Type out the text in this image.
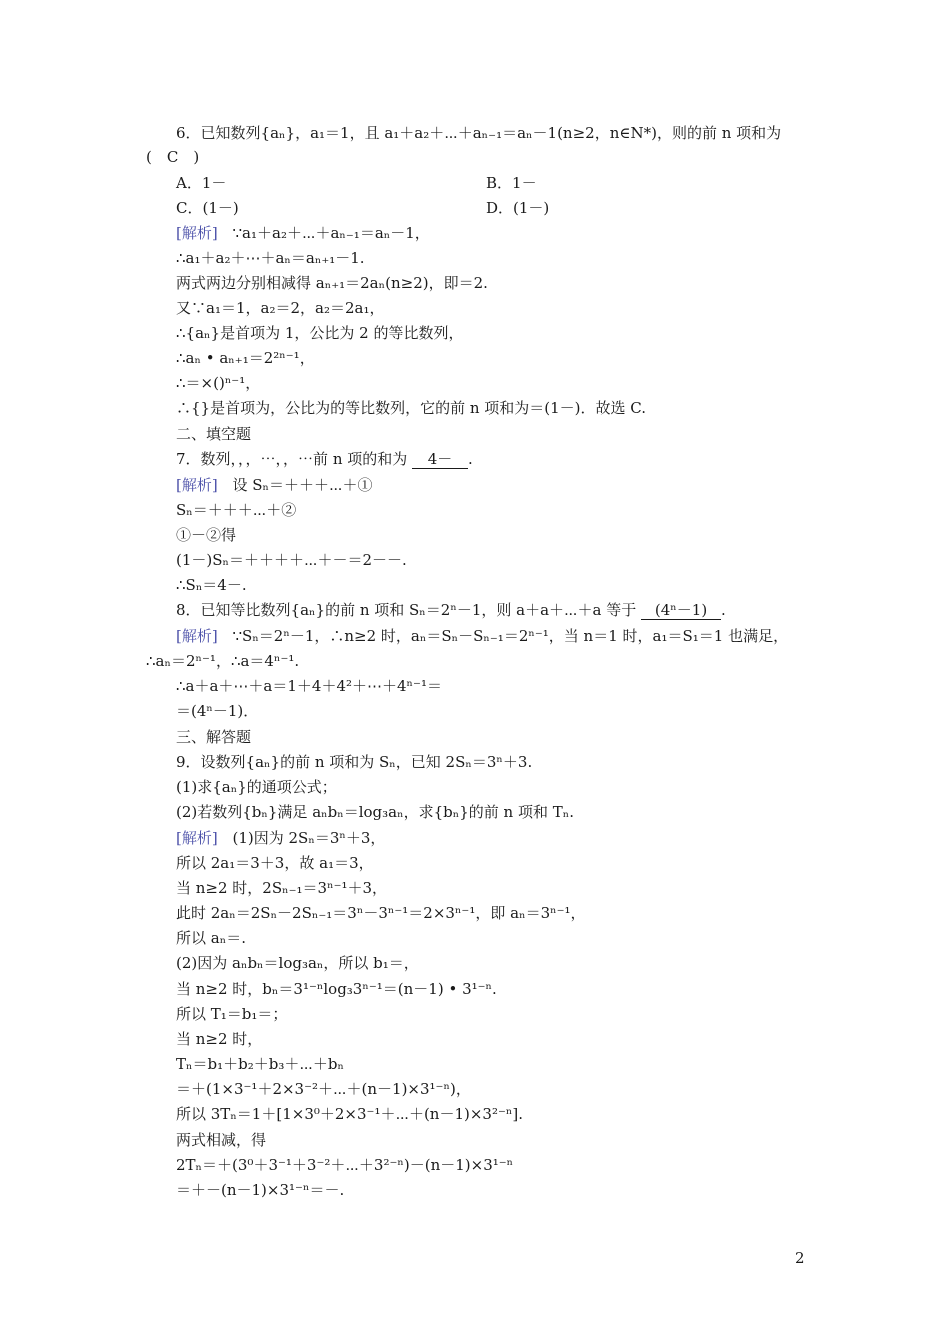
6．已知数列{aₙ}，a₁＝1，且 a₁＋a₂＋⋯＋aₙ₋₁＝aₙ－1(n≥2，n∈N*)，则的前 n 项和为
(　C　)
A．1－	B．1－
C．(1－)	D．(1－)
[解析] ∵a₁＋a₂＋⋯＋aₙ₋₁＝aₙ－1，
∴a₁＋a₂＋⋯＋aₙ＝aₙ₊₁－1.
两式两边分别相减得 aₙ₊₁＝2aₙ(n≥2)，即＝2.
又∵a₁＝1，a₂＝2，a₂＝2a₁，
∴{aₙ}是首项为 1，公比为 2 的等比数列，
∴aₙ • aₙ₊₁＝2²ⁿ⁻¹，
∴＝×()ⁿ⁻¹，
∴{}是首项为，公比为的等比数列，它的前 n 项和为＝(1－)．故选 C.
二、填空题
7．数列，，，⋯，，⋯前 n 项的和为 4－ .
[解析] 设 Sₙ＝＋＋＋⋯＋①
Sₙ＝＋＋＋⋯＋②
①－②得
(1－)Sₙ＝＋＋＋＋⋯＋－＝2－－.
∴Sₙ＝4－.
8．已知等比数列{aₙ}的前 n 项和 Sₙ＝2ⁿ－1，则 a＋a＋⋯＋a 等于 (4ⁿ－1) .
[解析] ∵Sₙ＝2ⁿ－1，∴n≥2 时，aₙ＝Sₙ－Sₙ₋₁＝2ⁿ⁻¹，当 n＝1 时，a₁＝S₁＝1 也满足，
∴aₙ＝2ⁿ⁻¹，∴a＝4ⁿ⁻¹.
∴a＋a＋⋯＋a＝1＋4＋4²＋⋯＋4ⁿ⁻¹＝
＝(4ⁿ－1)．
三、解答题
9．设数列{aₙ}的前 n 项和为 Sₙ，已知 2Sₙ＝3ⁿ＋3.
(1)求{aₙ}的通项公式；
(2)若数列{bₙ}满足 aₙbₙ＝log₃aₙ，求{bₙ}的前 n 项和 Tₙ.
[解析] (1)因为 2Sₙ＝3ⁿ＋3，
所以 2a₁＝3＋3，故 a₁＝3，
当 n≥2 时，2Sₙ₋₁＝3ⁿ⁻¹＋3，
此时 2aₙ＝2Sₙ－2Sₙ₋₁＝3ⁿ－3ⁿ⁻¹＝2×3ⁿ⁻¹，即 aₙ＝3ⁿ⁻¹，
所以 aₙ＝.
(2)因为 aₙbₙ＝log₃aₙ，所以 b₁＝，
当 n≥2 时，bₙ＝3¹⁻ⁿlog₃3ⁿ⁻¹＝(n－1) • 3¹⁻ⁿ.
所以 T₁＝b₁＝；
当 n≥2 时，
Tₙ＝b₁＋b₂＋b₃＋⋯＋bₙ
＝＋(1×3⁻¹＋2×3⁻²＋⋯＋(n－1)×3¹⁻ⁿ)，
所以 3Tₙ＝1＋[1×3⁰＋2×3⁻¹＋⋯＋(n－1)×3²⁻ⁿ].
两式相减，得
2Tₙ＝＋(3⁰＋3⁻¹＋3⁻²＋⋯＋3²⁻ⁿ)－(n－1)×3¹⁻ⁿ
＝＋－(n－1)×3¹⁻ⁿ＝－.
2
